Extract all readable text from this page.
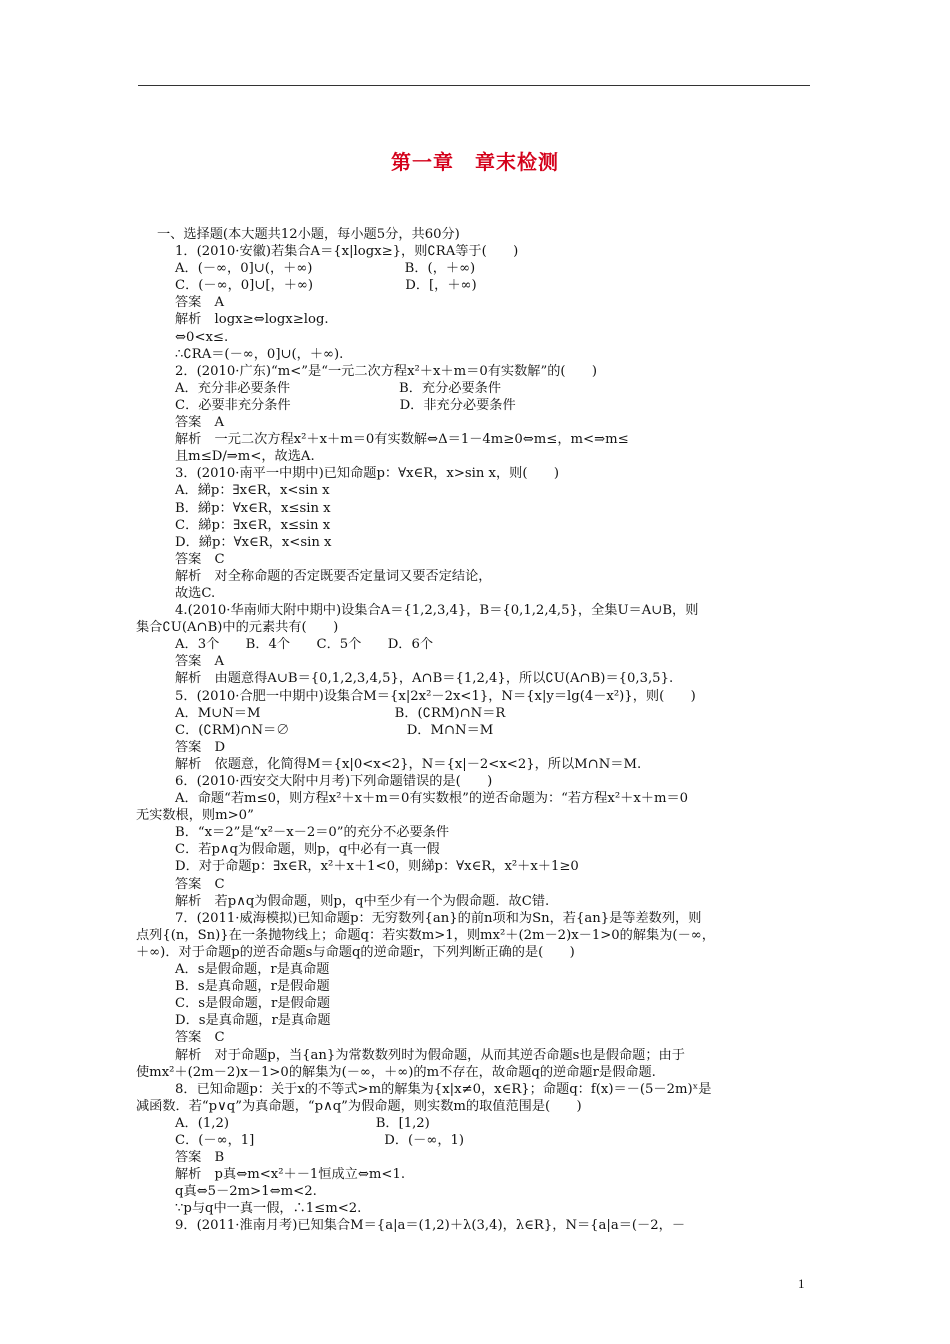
第一章　章末检测
一、选择题(本大题共12小题，每小题5分，共60分)
1．(2010·安徽)若集合A＝{x|logx≥}，则∁RA等于(　　)
A．(－∞，0]∪(，＋∞)                      B．(，＋∞)
C．(－∞，0]∪[，＋∞)                      D．[，＋∞)
答案　A
解析　logx≥⇔logx≥log.
⇔0<x≤.
∴∁RA＝(－∞，0]∪(，＋∞).
2．(2010·广东)“m<”是“一元二次方程x²＋x＋m＝0有实数解”的(　　)
A．充分非必要条件                          B．充分必要条件
C．必要非充分条件                          D．非充分必要条件
答案　A
解析　一元二次方程x²＋x＋m＝0有实数解⇔Δ＝1－4m≥0⇔m≤，m<⇒m≤
且m≤D/⇒m<，故选A.
3．(2010·南平一中期中)已知命题p：∀x∈R，x>sin x，则(　　)
A．綈p：∃x∈R，x<sin x
B．綈p：∀x∈R，x≤sin x
C．綈p：∃x∈R，x≤sin x
D．綈p：∀x∈R，x<sin x
答案　C
解析　对全称命题的否定既要否定量词又要否定结论，
故选C.
4.(2010·华南师大附中期中)设集合A＝{1,2,3,4}，B＝{0,1,2,4,5}，全集U＝A∪B，则
集合∁U(A∩B)中的元素共有(　　)
A．3个　　B．4个　　C．5个　　D．6个
答案　A
解析　由题意得A∪B＝{0,1,2,3,4,5}，A∩B＝{1,2,4}，所以∁U(A∩B)＝{0,3,5}.
5．(2010·合肥一中期中)设集合M＝{x|2x²－2x<1}，N＝{x|y＝lg(4－x²)}，则(　　)
A．M∪N＝M                                B．(∁RM)∩N＝R
C．(∁RM)∩N＝∅                            D．M∩N＝M
答案　D
解析　依题意，化简得M＝{x|0<x<2}，N＝{x|－2<x<2}，所以M∩N＝M.
6．(2010·西安交大附中月考)下列命题错误的是(　　)
A．命题“若m≤0，则方程x²＋x＋m＝0有实数根”的逆否命题为：“若方程x²＋x＋m＝0
无实数根，则m>0”
B．“x＝2”是“x²－x－2＝0”的充分不必要条件
C．若p∧q为假命题，则p，q中必有一真一假
D．对于命题p：∃x∈R，x²＋x＋1<0，则綈p：∀x∈R，x²＋x＋1≥0
答案　C
解析　若p∧q为假命题，则p，q中至少有一个为假命题．故C错.
7．(2011·威海模拟)已知命题p：无穷数列{an}的前n项和为Sn，若{an}是等差数列，则
点列{(n，Sn)}在一条抛物线上；命题q：若实数m>1，则mx²＋(2m－2)x－1>0的解集为(－∞，
＋∞)．对于命题p的逆否命题s与命题q的逆命题r，下列判断正确的是(　　)
A．s是假命题，r是真命题
B．s是真命题，r是假命题
C．s是假命题，r是假命题
D．s是真命题，r是真命题
答案　C
解析　对于命题p，当{an}为常数数列时为假命题，从而其逆否命题s也是假命题；由于
使mx²＋(2m－2)x－1>0的解集为(－∞，＋∞)的m不存在，故命题q的逆命题r是假命题.
8．已知命题p：关于x的不等式>m的解集为{x|x≠0，x∈R}；命题q：f(x)＝－(5－2m)ˣ是
减函数．若“p∨q”为真命题，“p∧q”为假命题，则实数m的取值范围是(　　)
A．(1,2)                                   B．[1,2)
C．(－∞，1]                               D．(－∞，1)
答案　B
解析　p真⇔m<x²＋－1恒成立⇔m<1.
q真⇔5－2m>1⇔m<2.
∵p与q中一真一假，∴1≤m<2.
9．(2011·淮南月考)已知集合M＝{a|a＝(1,2)＋λ(3,4)，λ∈R}，N＝{a|a＝(－2，－
1
